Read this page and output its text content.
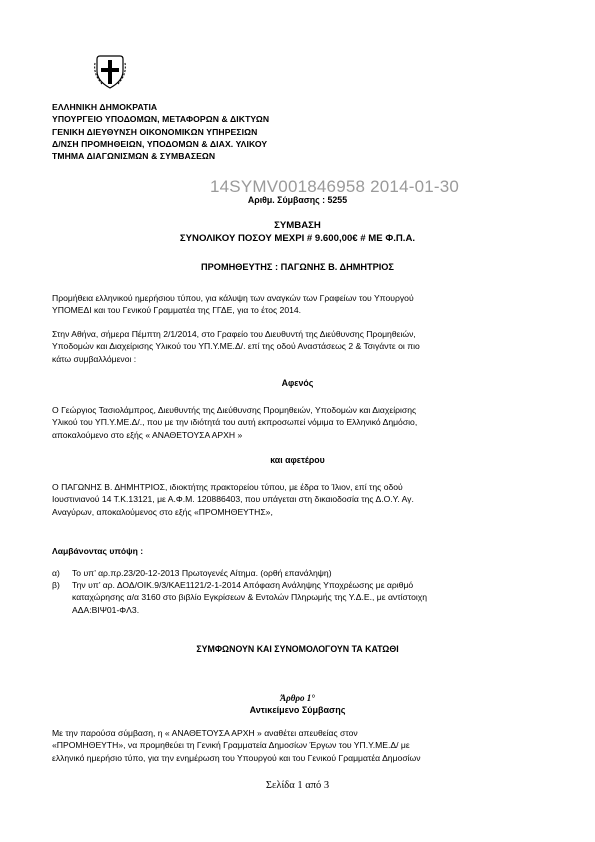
ΕΛΛΗΝΙΚΗ ΔΗΜΟΚΡΑΤΙΑ
ΥΠΟΥΡΓΕΙΟ ΥΠΟΔΟΜΩΝ, ΜΕΤΑΦΟΡΩΝ & ΔΙΚΤΥΩΝ
ΓΕΝΙΚΗ ΔΙΕΥΘΥΝΣΗ ΟΙΚΟΝΟΜΙΚΩΝ ΥΠΗΡΕΣΙΩΝ
Δ/ΝΣΗ ΠΡΟΜΗΘΕΙΩΝ, ΥΠΟΔΟΜΩΝ & ΔΙΑΧ. ΥΛΙΚΟΥ
ΤΜΗΜΑ ΔΙΑΓΩΝΙΣΜΩΝ & ΣΥΜΒΑΣΕΩΝ
14SYMV001846958 2014-01-30
Αριθμ. Σύμβασης : 5255
ΣΥΜΒΑΣΗ
ΣΥΝΟΛΙΚΟΥ ΠΟΣΟΥ ΜΕΧΡΙ # 9.600,00€ # ΜΕ Φ.Π.Α.
ΠΡΟΜΗΘΕΥΤΗΣ : ΠΑΓΩΝΗΣ Β. ΔΗΜΗΤΡΙΟΣ
Προμήθεια ελληνικού ημερήσιου τύπου, για κάλυψη των αναγκών των Γραφείων του Υπουργού
ΥΠΟΜΕΔΙ και του Γενικού Γραμματέα της ΓΓΔΕ, για το έτος 2014.
Στην Αθήνα, σήμερα Πέμπτη 2/1/2014, στο Γραφείο του Διευθυντή της Διεύθυνσης Προμηθειών,
Υποδομών και Διαχείρισης Υλικού του ΥΠ.Υ.ΜΕ.Δ/. επί της οδού Αναστάσεως 2 & Τσιγάντε οι πιο
κάτω συμβαλλόμενοι :
Αφενός
Ο Γεώργιος Τασιολάμπρος, Διευθυντής της Διεύθυνσης Προμηθειών, Υποδομών και Διαχείρισης
Υλικού του ΥΠ.Υ.ΜΕ.Δ/., που με την ιδιότητά του αυτή εκπροσωπεί νόμιμα το Ελληνικό Δημόσιο,
αποκαλούμενο στο εξής « ΑΝΑΘΕΤΟΥΣΑ ΑΡΧΗ »
και αφετέρου
Ο ΠΑΓΩΝΗΣ Β. ΔΗΜΗΤΡΙΟΣ, ιδιοκτήτης πρακτορείου τύπου, με έδρα το Ίλιον, επί της οδού
Ιουστινιανού 14 Τ.Κ.13121, με Α.Φ.Μ. 120886403, που υπάγεται στη δικαιοδοσία της Δ.Ο.Υ. Αγ.
Αναγύρων, αποκαλούμενος στο εξής «ΠΡΟΜΗΘΕΥΤΗΣ»,
Λαμβάνοντας υπόψη :
α) Το υπ’ αρ.πρ.23/20-12-2013 Πρωτογενές Αίτημα. (ορθή επανάληψη)
β) Την υπ’ αρ. ΔΟΔ/ΟΙΚ.9/3/ΚΑΕ1121/2-1-2014 Απόφαση Ανάληψης Υποχρέωσης με αριθμό
καταχώρησης α/α 3160 στο βιβλίο Εγκρίσεων & Εντολών Πληρωμής της Υ.Δ.Ε., με αντίστοιχη
ΑΔΑ:ΒΙΨ01-ΦΛ3.
ΣΥΜΦΩΝΟΥΝ ΚΑΙ ΣΥΝΟΜΟΛΟΓΟΥΝ ΤΑ ΚΑΤΩΘΙ
Άρθρο 1°
Αντικείμενο Σύμβασης
Με την παρούσα σύμβαση, η « ΑΝΑΘΕΤΟΥΣΑ ΑΡΧΗ » αναθέτει απευθείας στον
«ΠΡΟΜΗΘΕΥΤΗ», να προμηθεύει τη Γενική Γραμματεία Δημοσίων Έργων του ΥΠ.Υ.ΜΕ.Δ/ με
ελληνικό ημερήσιο τύπο, για την ενημέρωση του Υπουργού και του Γενικού Γραμματέα Δημοσίων
Σελίδα 1 από 3
